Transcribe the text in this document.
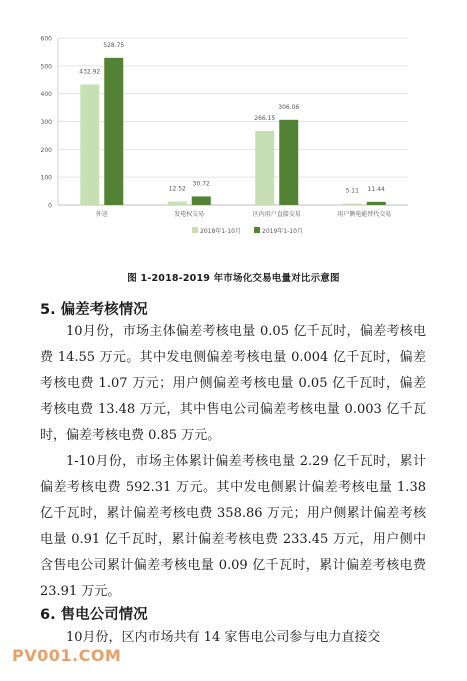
0
100
200
300
400
500
600
432.92
528.75
12.52
30.72
266.15
306.06
5.11 11.44
外送	发电权交易	区内用户直接交易	用户侧电能替代交易
2018年1-10月	2019年1-10月
图 1-2018-2019 年市场化交易电量对比示意图
5. 偏差考核情况

10月份，市场主体偏差考核电量 0.05 亿千瓦时，偏差考核电费 14.55 万元。其中发电侧偏差考核电量 0.004 亿千瓦时，偏差考核电费 1.07 万元；用户侧偏差考核电量 0.05 亿千瓦时，偏差考核电费 13.48 万元，其中售电公司偏差考核电量 0.003 亿千瓦时，偏差考核电费 0.85 万元。

1-10月份，市场主体累计偏差考核电量 2.29 亿千瓦时，累计偏差考核电费 592.31 万元。其中发电侧累计偏差考核电量 1.38 亿千瓦时，累计偏差考核电费 358.86 万元；用户侧累计偏差考核电量 0.91 亿千瓦时，累计偏差考核电费 233.45 万元，用户侧中含售电公司累计偏差考核电量 0.09 亿千瓦时，累计偏差考核电费 23.91 万元。

6. 售电公司情况

10月份，区内市场共有 14 家售电公司参与电力直接交

PV001.COM
